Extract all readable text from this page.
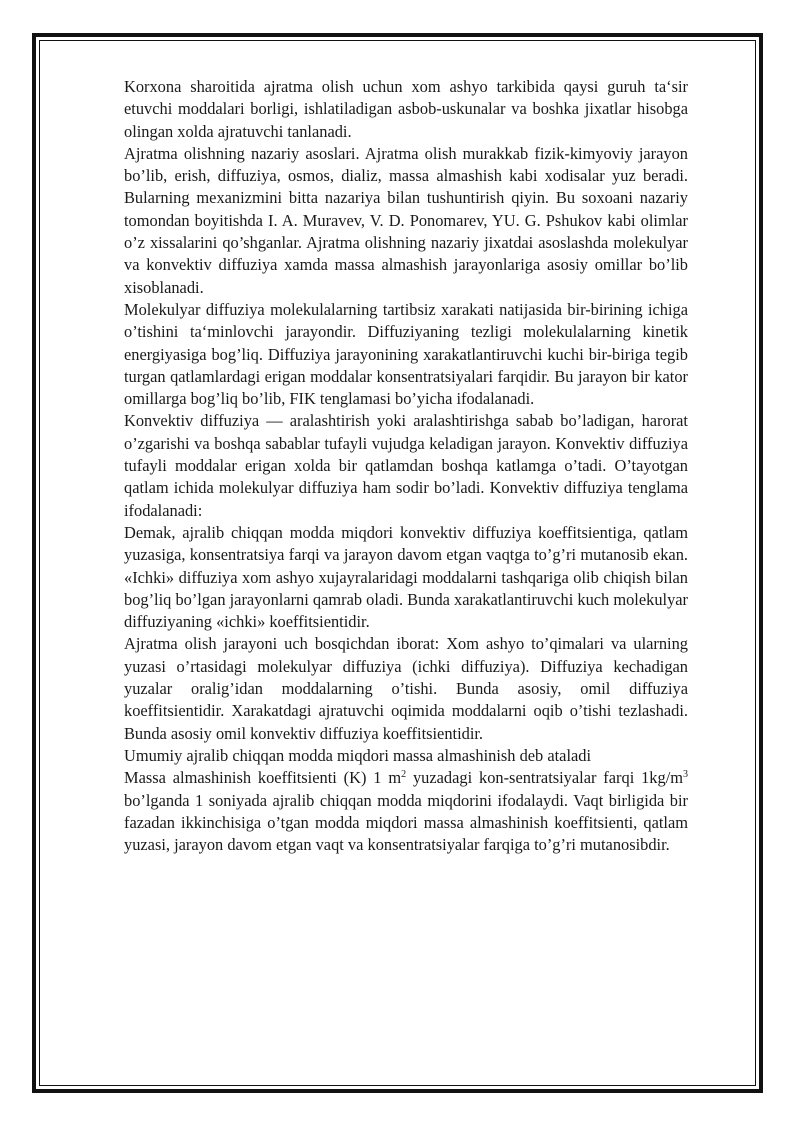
Korxona sharoitida ajratma olish uchun xom ashyo tarkibida qaysi guruh ta‘sir etuvchi moddalari borligi, ishlatiladigan asbob-uskunalar va boshka jixatlar hisobga olingan xolda ajratuvchi tanlanadi.

Ajratma olishning nazariy asoslari. Ajratma olish murakkab fizik-kimyoviy jarayon bo’lib, erish, diffuziya, osmos, dializ, massa almashish kabi xodisalar yuz beradi. Bularning mexanizmini bitta nazariya bilan tushuntirish qiyin. Bu soxoani nazariy tomondan boyitishda I. A. Muravev, V. D. Ponomarev, YU. G. Pshukov kabi olimlar o’z xissalarini qo’shganlar. Ajratma olishning nazariy jixatdai asoslashda molekulyar va konvektiv diffuziya xamda massa almashish jarayonlariga asosiy omillar bo’lib xisoblanadi.

Molekulyar diffuziya molekulalarning tartibsiz xarakati natijasida bir-birining ichiga o’tishini ta‘minlovchi jarayondir. Diffuziyaning tezligi molekulalarning kinetik energiyasiga bog’liq. Diffuziya jarayonining xarakatlantiruvchi kuchi bir-biriga tegib turgan qatlamlardagi erigan moddalar konsentratsiyalari farqidir. Bu jarayon bir kator omillarga bog’liq bo’lib, FIK tenglamasi bo’yicha ifodalanadi.

Konvektiv diffuziya — aralashtirish yoki aralashtirishga sabab bo’ladigan, harorat o’zgarishi va boshqa sabablar tufayli vujudga keladigan jarayon. Konvektiv diffuziya tufayli moddalar erigan xolda bir qatlamdan boshqa katlamga o’tadi. O’tayotgan qatlam ichida molekulyar diffuziya ham sodir bo’ladi. Konvektiv diffuziya tenglama ifodalanadi:

Demak, ajralib chiqqan modda miqdori konvektiv diffuziya koeffitsientiga, qatlam yuzasiga, konsentratsiya farqi va jarayon davom etgan vaqtga to’g’ri mutanosib ekan. «Ichki» diffuziya xom ashyo xujayralaridagi moddalarni tashqariga olib chiqish bilan bog’liq bo’lgan jarayonlarni qamrab oladi. Bunda xarakatlantiruvchi kuch molekulyar diffuziyaning «ichki» koeffitsientidir.

Ajratma olish jarayoni uch bosqichdan iborat: Xom ashyo to’qimalari va ularning yuzasi o’rtasidagi molekulyar diffuziya (ichki diffuziya). Diffuziya kechadigan yuzalar oralig’idan moddalarning o’tishi. Bunda asosiy, omil diffuziya koeffitsientidir. Xarakatdagi ajratuvchi oqimida moddalarni oqib o’tishi tezlashadi. Bunda asosiy omil konvektiv diffuziya koeffitsientidir.

Umumiy ajralib chiqqan modda miqdori massa almashinish deb ataladi

Massa almashinish koeffitsienti (K) 1 $m^2$ yuzadagi kon-sentratsiyalar farqi $1kg/m^3$ bo’lganda 1 soniyada ajralib chiqqan modda miqdorini ifodalaydi. Vaqt birligida bir fazadan ikkinchisiga o’tgan modda miqdori massa almashinish koeffitsienti, qatlam yuzasi, jarayon davom etgan vaqt va konsentratsiyalar farqiga to’g’ri mutanosibdir.
